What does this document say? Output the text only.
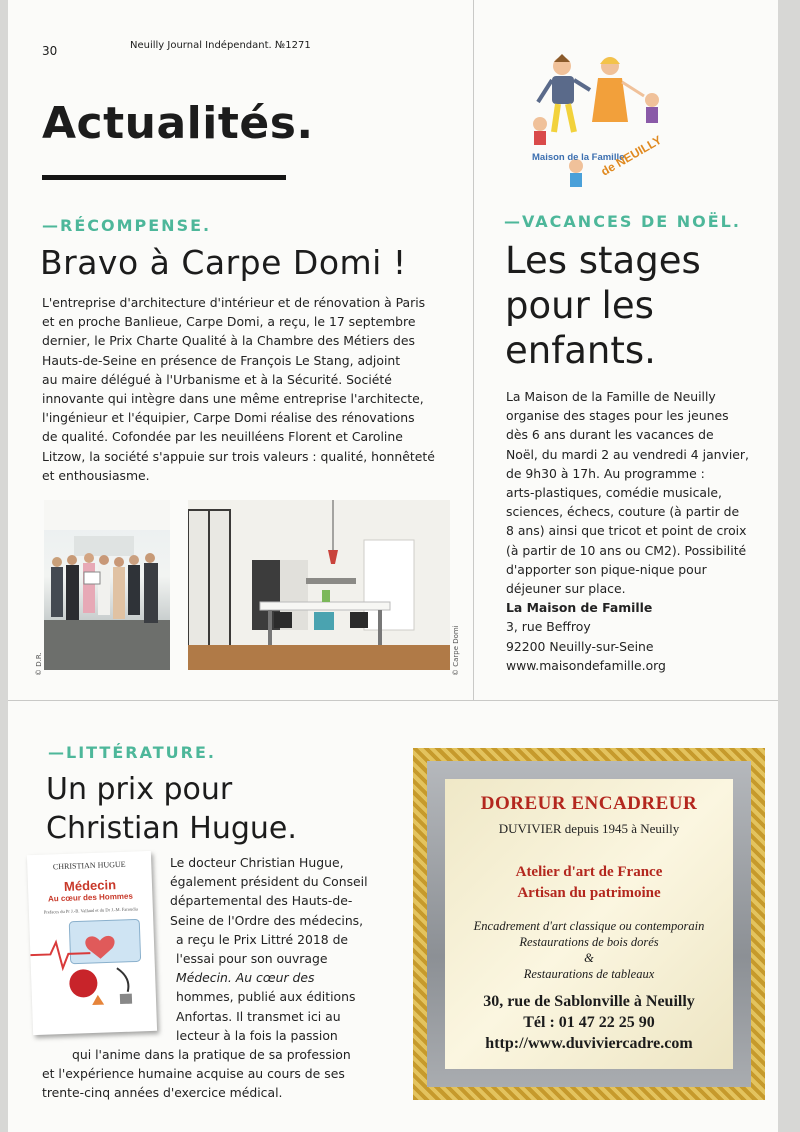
30	Neuilly Journal Indépendant. №1271
Actualités.
—RÉCOMPENSE.
Bravo à Carpe Domi !

L'entreprise d'architecture d'intérieur et de rénovation à Paris

et en proche Banlieue, Carpe Domi, a reçu, le 17 septembre

dernier, le Prix Charte Qualité à la Chambre des Métiers des

Hauts-de-Seine en présence de François Le Stang, adjoint

au maire délégué à l'Urbanisme et à la Sécurité. Société

innovante qui intègre dans une même entreprise l'architecte,

l'ingénieur et l'équipier, Carpe Domi réalise des rénovations

de qualité. Cofondée par les neuilléens Florent et Caroline

Litzow, la société s'appuie sur trois valeurs : qualité, honnêteté

et enthousiasme.

© D.R.	© Carpe Domi
Maison de la Famille
de NEUILLY
—VACANCES DE NOËL.
Les stages
pour les
enfants.

La Maison de la Famille de Neuilly

organise des stages pour les jeunes

dès 6 ans durant les vacances de

Noël, du mardi 2 au vendredi 4 janvier,

de 9h30 à 17h. Au programme :

arts-plastiques, comédie musicale,

sciences, échecs, couture (à partir de

8 ans) ainsi que tricot et point de croix

(à partir de 10 ans ou CM2). Possibilité

d'apporter son pique-nique pour

déjeuner sur place.

La Maison de Famille

3, rue Beffroy

92200 Neuilly-sur-Seine

www.maisondefamille.org

—LITTÉRATURE.
Un prix pour
Christian Hugue.
CHRISTIAN HUGUE
Médecin
Au cœur des Hommes
Prefaces du Pr J.-B. Vallaud et du Dr J.-M. Faroudia

Le docteur Christian Hugue,

également président du Conseil

départemental des Hauts-de-

Seine de l'Ordre des médecins,

a reçu le Prix Littré 2018 de

l'essai pour son ouvrage

Médecin. Au cœur des

hommes, publié aux éditions

Anfortas. Il transmet ici au

lecteur à la fois la passion

qui l'anime dans la pratique de sa profession

et l'expérience humaine acquise au cours de ses

trente-cinq années d'exercice médical.

DOREUR ENCADREUR
DUVIVIER depuis 1945 à Neuilly
Atelier d'art de France
Artisan du patrimoine
Encadrement d'art classique ou contemporain
Restaurations de bois dorés
&
Restaurations de tableaux
30, rue de Sablonville à Neuilly
Tél : 01 47 22 25 90
http://www.duviviercadre.com
